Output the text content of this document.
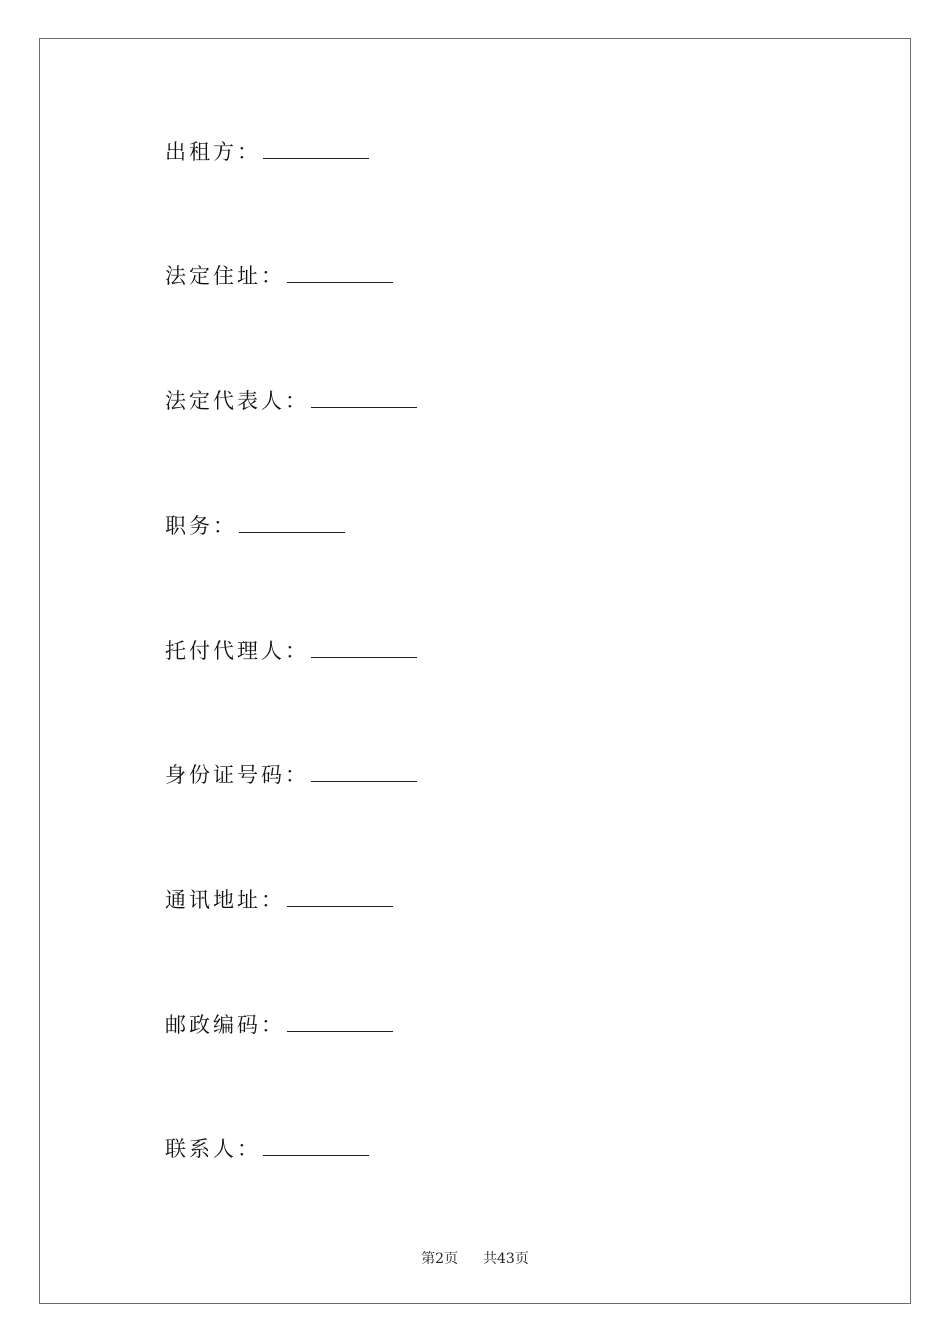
出租方：
法定住址：
法定代表人：
职务：
托付代理人：
身份证号码：
通讯地址：
邮政编码：
联系人：
第2页 共43页
